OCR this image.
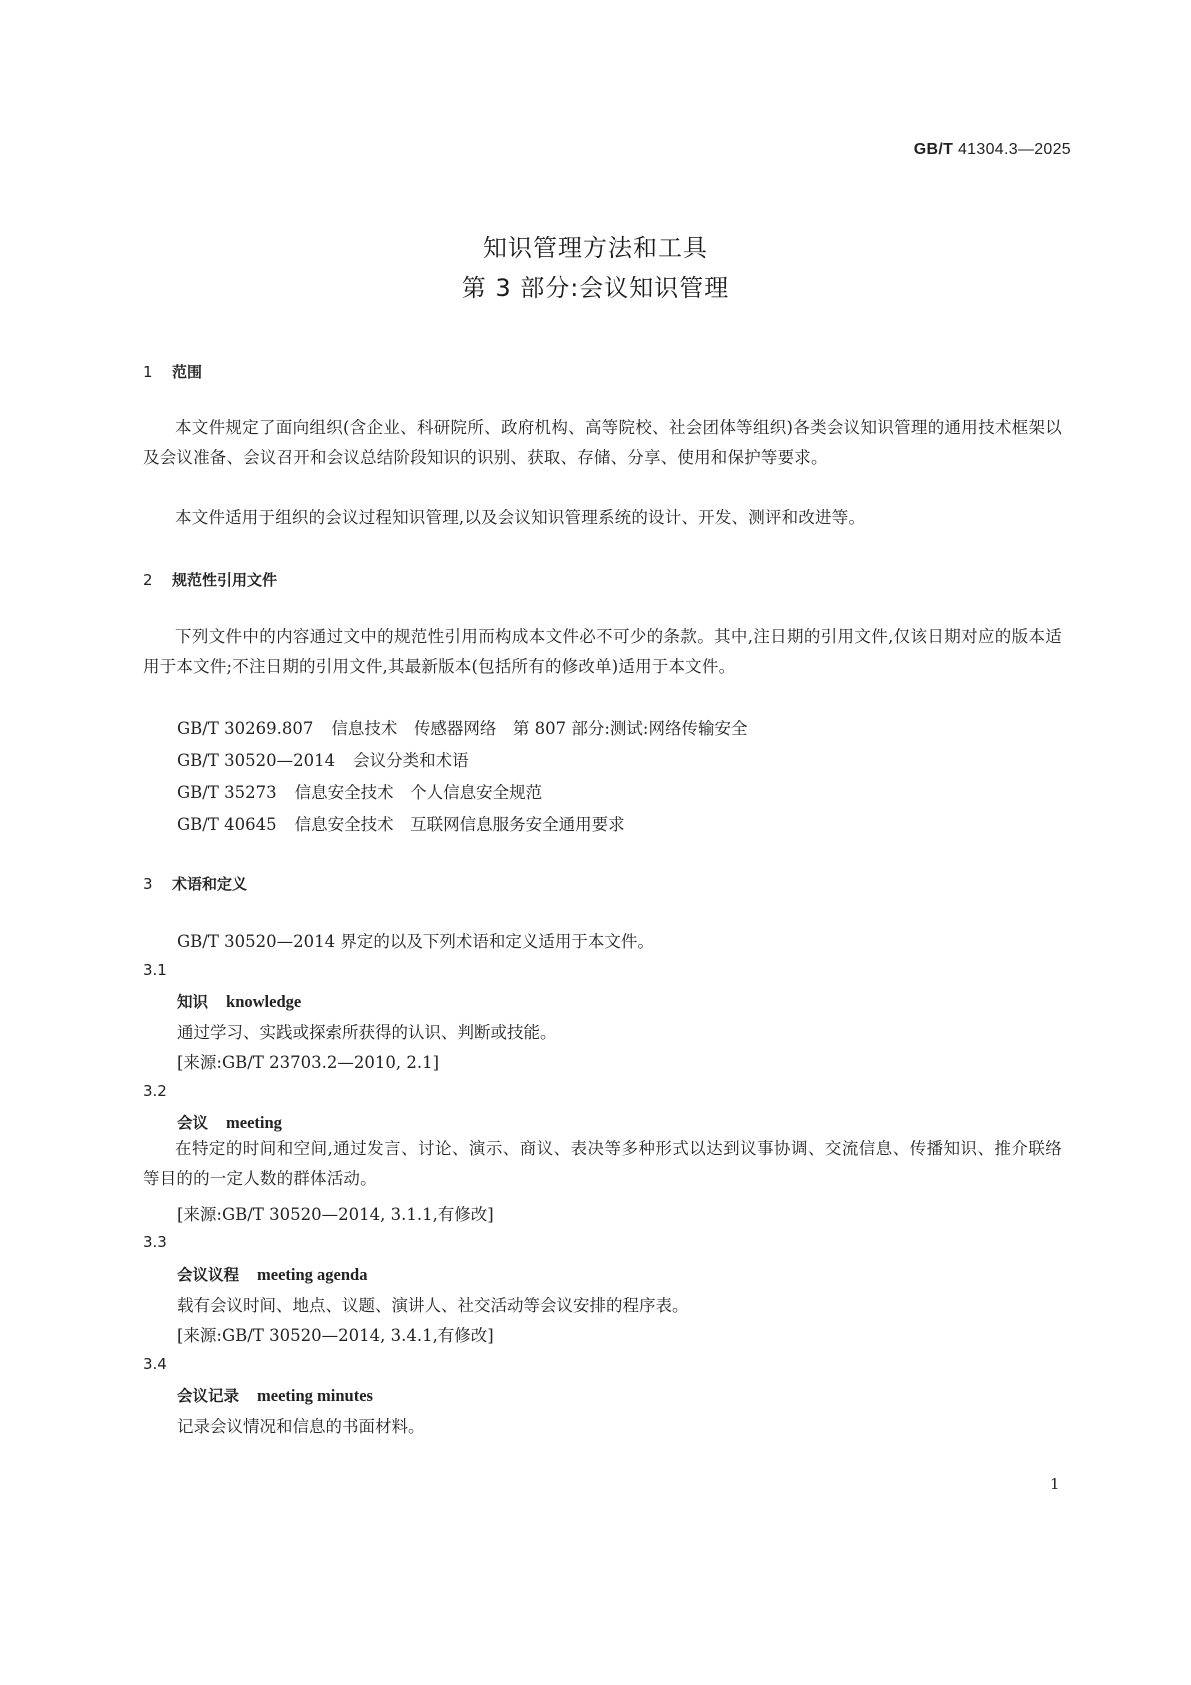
GB/T 41304.3—2025
知识管理方法和工具
第 3 部分:会议知识管理
1 范围
本文件规定了面向组织(含企业、科研院所、政府机构、高等院校、社会团体等组织)各类会议知识管理的通用技术框架以及会议准备、会议召开和会议总结阶段知识的识别、获取、存储、分享、使用和保护等要求。
本文件适用于组织的会议过程知识管理,以及会议知识管理系统的设计、开发、测评和改进等。
2 规范性引用文件
下列文件中的内容通过文中的规范性引用而构成本文件必不可少的条款。其中,注日期的引用文件,仅该日期对应的版本适用于本文件;不注日期的引用文件,其最新版本(包括所有的修改单)适用于本文件。
GB/T 30269.807 信息技术　传感器网络　第 807 部分:测试:网络传输安全
GB/T 30520—2014 会议分类和术语
GB/T 35273 信息安全技术　个人信息安全规范
GB/T 40645 信息安全技术　互联网信息服务安全通用要求
3 术语和定义
GB/T 30520—2014 界定的以及下列术语和定义适用于本文件。
3.1
知识 knowledge
通过学习、实践或探索所获得的认识、判断或技能。
[来源:GB/T 23703.2—2010, 2.1]
3.2
会议 meeting
在特定的时间和空间,通过发言、讨论、演示、商议、表决等多种形式以达到议事协调、交流信息、传播知识、推介联络等目的的一定人数的群体活动。
[来源:GB/T 30520—2014, 3.1.1,有修改]
3.3
会议议程 meeting agenda
载有会议时间、地点、议题、演讲人、社交活动等会议安排的程序表。
[来源:GB/T 30520—2014, 3.4.1,有修改]
3.4
会议记录 meeting minutes
记录会议情况和信息的书面材料。
1
